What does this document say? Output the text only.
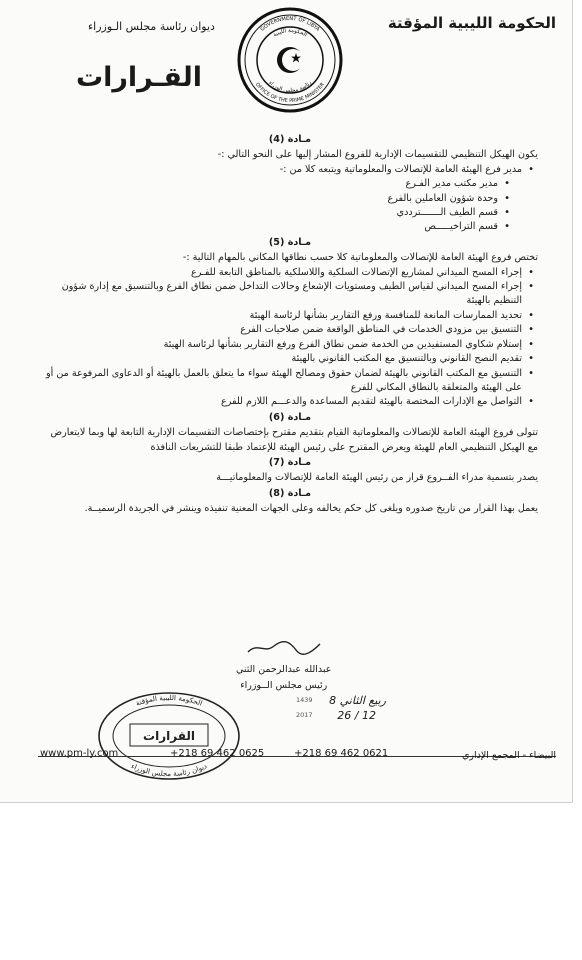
الحكومة الليبية المؤقتة
ديوان رئاسة مجلس الـوزراء
القـرارات
GOVERNMENT OF LIBYA
OFFICE OF THE PRIME MINISTER
الحكومة الليبية
رئاسة مجلس الوزراء

مـادة (4)

يكون الهيكل التنظيمي للتقسيمات الإدارية للفروع المشار إليها على النحو التالي :-

• مدير فرع الهيئة العامة للإتصالات والمعلوماتية ويتبعه كلا من :-
• مدير مكتب مدير الفـرع
• وحدة شؤون العاملين بالفرع
• قسم الطيف الـــــــترددي
• قسم التراخيـــــص

مـادة (5)

تختص فروع الهيئة العامة للإتصالات والمعلوماتية كلا حسب نطاقها المكاني بالمهام التالية :-

• إجراء المسح الميداني لمشاريع الإتصالات السلكية واللاسلكية بالمناطق التابعة للفـرع
• إجراء المسح الميداني لقياس الطيف ومستويات الإشعاع وحالات التداخل ضمن نطاق الفرع وبالتنسيق مع إدارة شؤون التنظيم بالهيئة
• تحديد الممارسات المانعة للمنافسة ورفع التقارير بشأنها لرئاسة الهيئة
• التنسيق بين مزودي الخدمات في المناطق الواقعة ضمن صلاحيات الفرع
• إستلام شكاوي المستفيدين من الخدمة ضمن نطاق الفرع ورفع التقارير بشأنها لرئاسة الهيئة
• تقديم النصح القانوني وبالتنسيق مع المكتب القانوني بالهيئة
• التنسيق مع المكتب القانوني بالهيئة لضمان حقوق ومصالح الهيئة سواء ما يتعلق بالعمل بالهيئة أو الدعاوى المرفوعة من أو على الهيئة والمتعلقة بالنطاق المكاني للفرع
• التواصل مع الإدارات المختصة بالهيئة لتقديم المساعدة والدعـــم اللازم للفرع

مـادة (6)

تتولى فروع الهيئة العامة للإتصالات والمعلوماتية القيام بتقديم مقترح بإختصاصات التقسيمات الإدارية التابعة لها وبما لايتعارض مع الهيكل التنظيمي العام للهيئة ويعرض المقترح على رئيس الهيئة للإعتماد طبقا للتشريعات النافذة

مـادة (7)

يصدر بتسمية مدراء الفــروع قرار من رئيس الهيئة العامة للإتصالات والمعلوماتيـــة

مـادة (8)

يعمل بهذا القرار من تاريخ صدوره ويلغى كل حكم يخالفه وعلى الجهات المعنية تنفيذه وينشر في الجريدة الرسميــة.

عبدالله عبدالرحمن الثني
رئيس مجلس الــوزراء
8 ربيع الثاني
1439
26 / 12
2017
الحكومة الليبية المؤقتة
ديوان رئاسة مجلس الوزراء
القرارات
www.pm-ly.com	+218 69 462 0625	+218 69 462 0621	البيضاء - المجمع الإداري
